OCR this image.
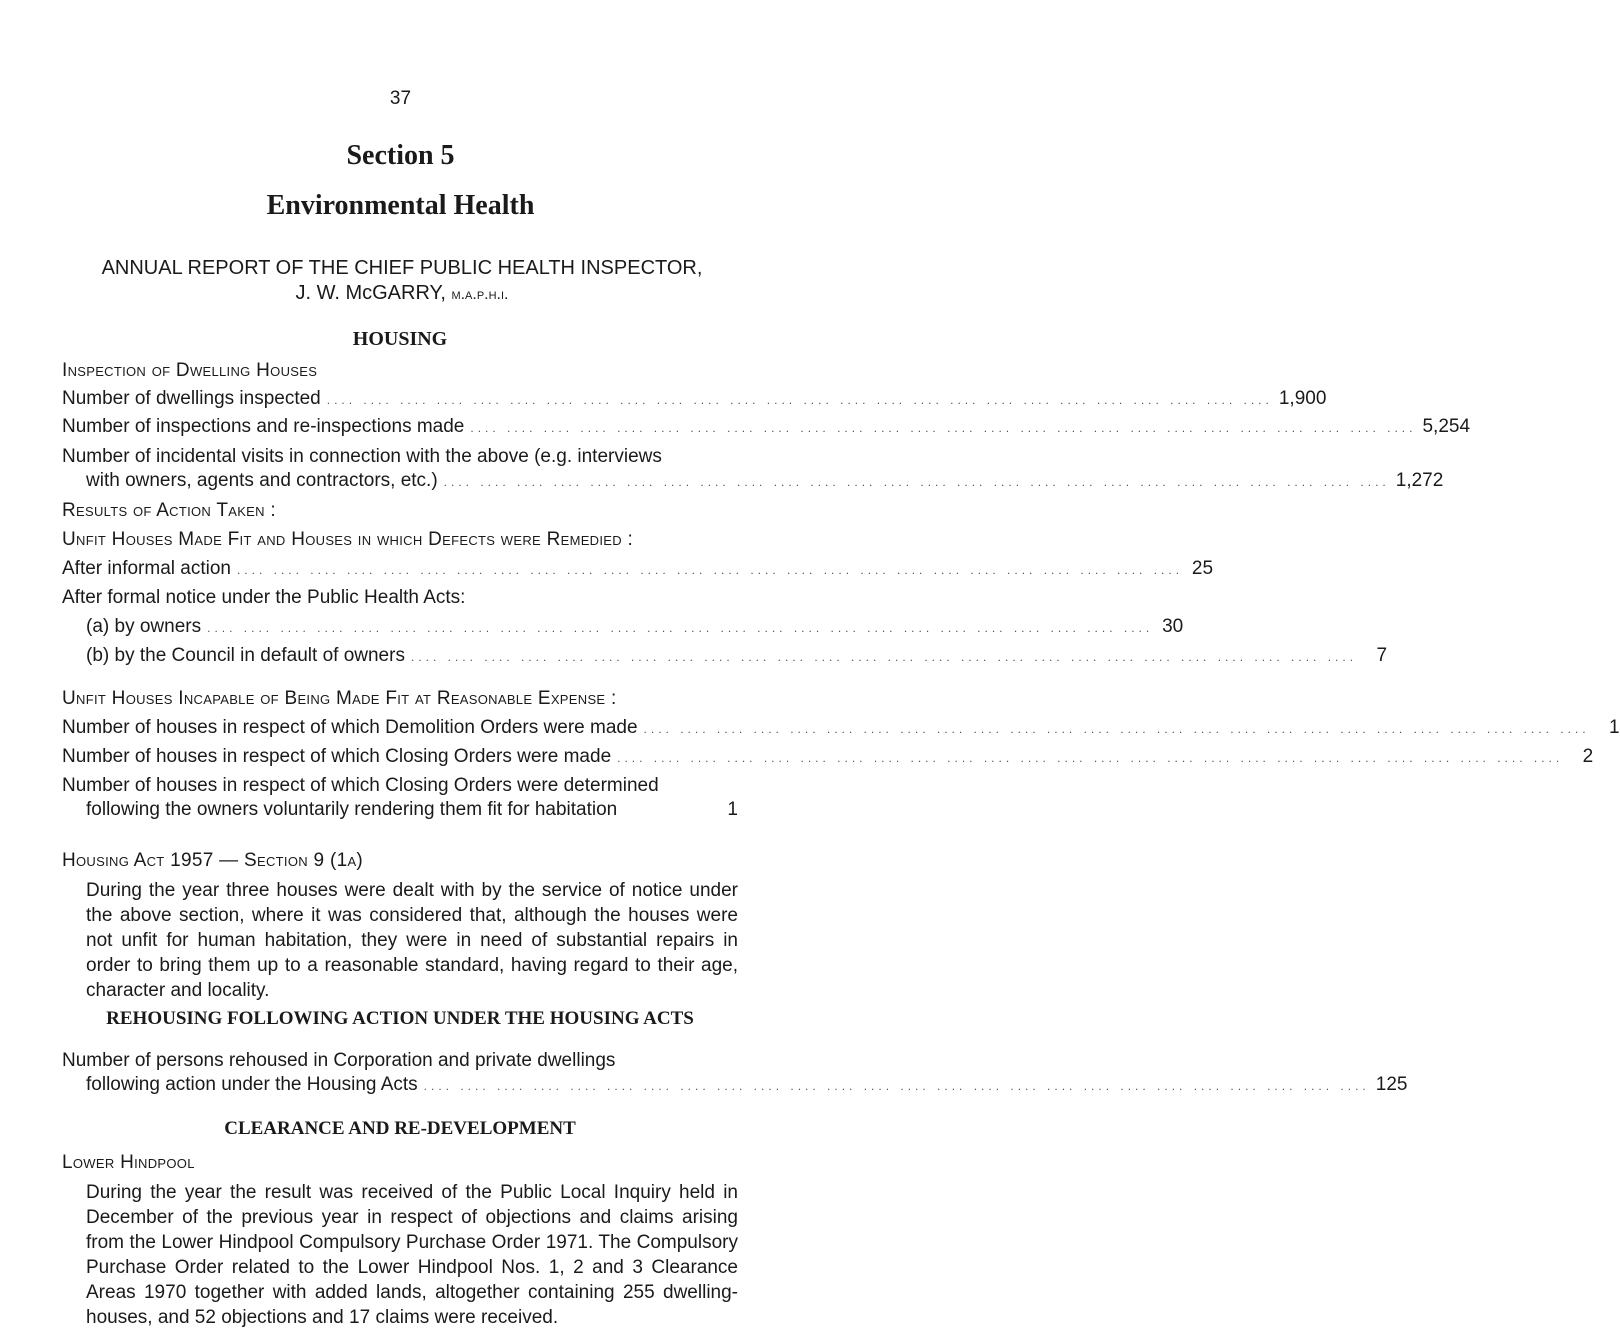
37
Section 5
Environmental Health
ANNUAL REPORT OF THE CHIEF PUBLIC HEALTH INSPECTOR,
J. W. McGARRY, m.a.p.h.i.
HOUSING
Inspection of Dwelling Houses
Number of dwellings inspected .... .... .... .... .... .... .... .... .... .... .... .... .... .... .... .... .... .... .... .... .... .... .... .... .... .... 1,900
Number of inspections and re-inspections made .... .... .... .... .... .... .... .... .... .... .... .... .... .... .... .... .... .... .... .... .... .... .... .... .... .... 5,254
Number of incidental visits in connection with the above (e.g. interviews
with owners, agents and contractors, etc.) .... .... .... .... .... .... .... .... .... .... .... .... .... .... .... .... .... .... .... .... .... .... .... .... .... .... 1,272
Results of Action Taken :
Unfit Houses Made Fit and Houses in which Defects were Remedied :
After informal action .... .... .... .... .... .... .... .... .... .... .... .... .... .... .... .... .... .... .... .... .... .... .... .... .... .... 25
After formal notice under the Public Health Acts:
(a) by owners .... .... .... .... .... .... .... .... .... .... .... .... .... .... .... .... .... .... .... .... .... .... .... .... .... .... 30
(b) by the Council in default of owners .... .... .... .... .... .... .... .... .... .... .... .... .... .... .... .... .... .... .... .... .... .... .... .... .... ....	7
Unfit Houses Incapable of Being Made Fit at Reasonable Expense :
Number of houses in respect of which Demolition Orders were made .... .... .... .... .... .... .... .... .... .... .... .... .... .... .... .... .... .... .... .... .... .... .... .... .... ....	1
Number of houses in respect of which Closing Orders were made .... .... .... .... .... .... .... .... .... .... .... .... .... .... .... .... .... .... .... .... .... .... .... .... .... ....	2
Number of houses in respect of which Closing Orders were determined
following the owners voluntarily rendering them fit for habitation	1
Housing Act 1957 — Section 9 (1a)
During the year three houses were dealt with by the service of notice under the above section, where it was considered that, although the houses were not unfit for human habitation, they were in need of substantial repairs in order to bring them up to a reasonable standard, having regard to their age, character and locality.
REHOUSING FOLLOWING ACTION UNDER THE HOUSING ACTS
Number of persons rehoused in Corporation and private dwellings
following action under the Housing Acts .... .... .... .... .... .... .... .... .... .... .... .... .... .... .... .... .... .... .... .... .... .... .... .... .... .... 125
CLEARANCE AND RE-DEVELOPMENT
Lower Hindpool
During the year the result was received of the Public Local Inquiry held in December of the previous year in respect of objections and claims arising from the Lower Hindpool Compulsory Purchase Order 1971. The Compulsory Purchase Order related to the Lower Hindpool Nos. 1, 2 and 3 Clearance Areas 1970 together with added lands, altogether containing 255 dwelling-houses, and 52 objections and 17 claims were received.
